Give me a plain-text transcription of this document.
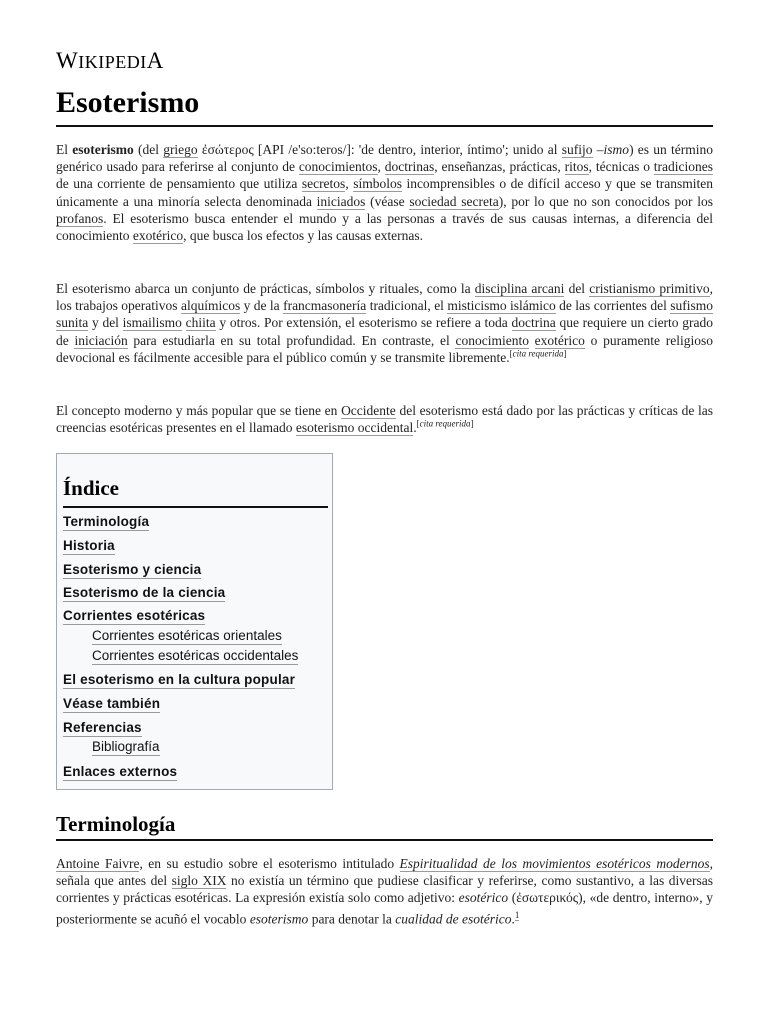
WIKIPEDIA
Esoterismo

El esoterismo (del griego ἐσώτερος [API /e'so:teros/]: 'de dentro, interior, íntimo'; unido al sufijo –ismo) es un término genérico usado para referirse al conjunto de conocimientos, doctrinas, enseñanzas, prácticas, ritos, técnicas o tradiciones de una corriente de pensamiento que utiliza secretos, símbolos incomprensibles o de difícil acceso y que se transmiten únicamente a una minoría selecta denominada iniciados (véase sociedad secreta), por lo que no son conocidos por los profanos. El esoterismo busca entender el mundo y a las personas a través de sus causas internas, a diferencia del conocimiento exotérico, que busca los efectos y las causas externas.

El esoterismo abarca un conjunto de prácticas, símbolos y rituales, como la disciplina arcani del cristianismo primitivo, los trabajos operativos alquímicos y de la francmasonería tradicional, el misticismo islámico de las corrientes del sufismo sunita y del ismailismo chiita y otros. Por extensión, el esoterismo se refiere a toda doctrina que requiere un cierto grado de iniciación para estudiarla en su total profundidad. En contraste, el conocimiento exotérico o puramente religioso devocional es fácilmente accesible para el público común y se transmite libremente.[cita requerida]

El concepto moderno y más popular que se tiene en Occidente del esoterismo está dado por las prácticas y críticas de las creencias esotéricas presentes en el llamado esoterismo occidental.[cita requerida]

Índice
Terminología
Historia
Esoterismo y ciencia
Esoterismo de la ciencia
Corrientes esotéricas
Corrientes esotéricas orientales
Corrientes esotéricas occidentales
El esoterismo en la cultura popular
Véase también
Referencias
Bibliografía
Enlaces externos
Terminología

Antoine Faivre, en su estudio sobre el esoterismo intitulado Espiritualidad de los movimientos esotéricos modernos, señala que antes del siglo XIX no existía un término que pudiese clasificar y referirse, como sustantivo, a las diversas corrientes y prácticas esotéricas. La expresión existía solo como adjetivo: esotérico (ἐσωτερικός), «de dentro, interno», y posteriormente se acuñó el vocablo esoterismo para denotar la cualidad de esotérico.$^1$
